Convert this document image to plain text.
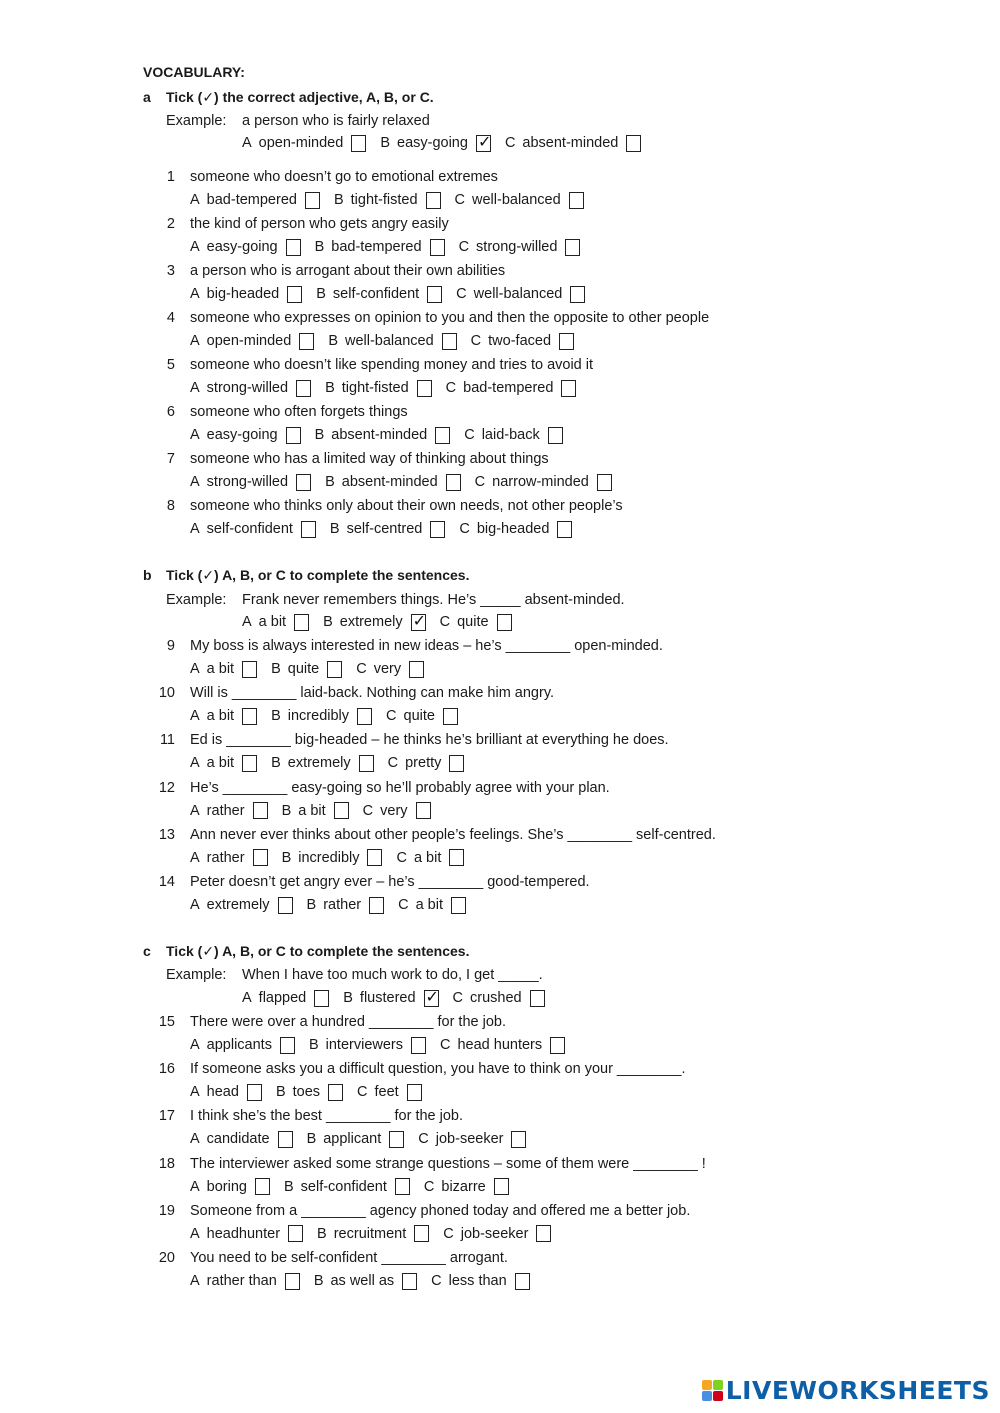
VOCABULARY:
a Tick (✓) the correct adjective, A, B, or C.
Example: a person who is fairly relaxed
A open-minded	B easy-going ✓	C absent-minded
1 someone who doesn’t go to emotional extremes
A bad-tempered	B tight-fisted	C well-balanced
2 the kind of person who gets angry easily
A easy-going	B bad-tempered	C strong-willed
3 a person who is arrogant about their own abilities
A big-headed	B self-confident	C well-balanced
4 someone who expresses on opinion to you and then the opposite to other people
A open-minded	B well-balanced	C two-faced
5 someone who doesn’t like spending money and tries to avoid it
A strong-willed	B tight-fisted	C bad-tempered
6 someone who often forgets things
A easy-going	B absent-minded	C laid-back
7 someone who has a limited way of thinking about things
A strong-willed	B absent-minded	C narrow-minded
8 someone who thinks only about their own needs, not other people’s
A self-confident	B self-centred	C big-headed
b Tick (✓) A, B, or C to complete the sentences.
Example: Frank never remembers things. He’s _____ absent-minded.
A a bit	B extremely ✓	C quite
9 My boss is always interested in new ideas – he’s ________ open-minded.
A a bit	B quite	C very
10 Will is ________ laid-back. Nothing can make him angry.
A a bit	B incredibly	C quite
11 Ed is ________ big-headed – he thinks he’s brilliant at everything he does.
A a bit	B extremely	C pretty
12 He’s ________ easy-going so he’ll probably agree with your plan.
A rather	B a bit	C very
13 Ann never ever thinks about other people’s feelings. She’s ________ self-centred.
A rather	B incredibly	C a bit
14 Peter doesn’t get angry ever – he’s ________ good-tempered.
A extremely	B rather	C a bit
c Tick (✓) A, B, or C to complete the sentences.
Example: When I have too much work to do, I get _____.
A flapped	B flustered ✓	C crushed
15 There were over a hundred ________ for the job.
A applicants	B interviewers	C head hunters
16 If someone asks you a difficult question, you have to think on your ________.
A head	B toes	C feet
17 I think she’s the best ________ for the job.
A candidate	B applicant	C job-seeker
18 The interviewer asked some strange questions – some of them were ________ !
A boring	B self-confident	C bizarre
19 Someone from a ________ agency phoned today and offered me a better job.
A headhunter	B recruitment	C job-seeker
20 You need to be self-confident ________ arrogant.
A rather than	B as well as	C less than
LIVEWORKSHEETS
